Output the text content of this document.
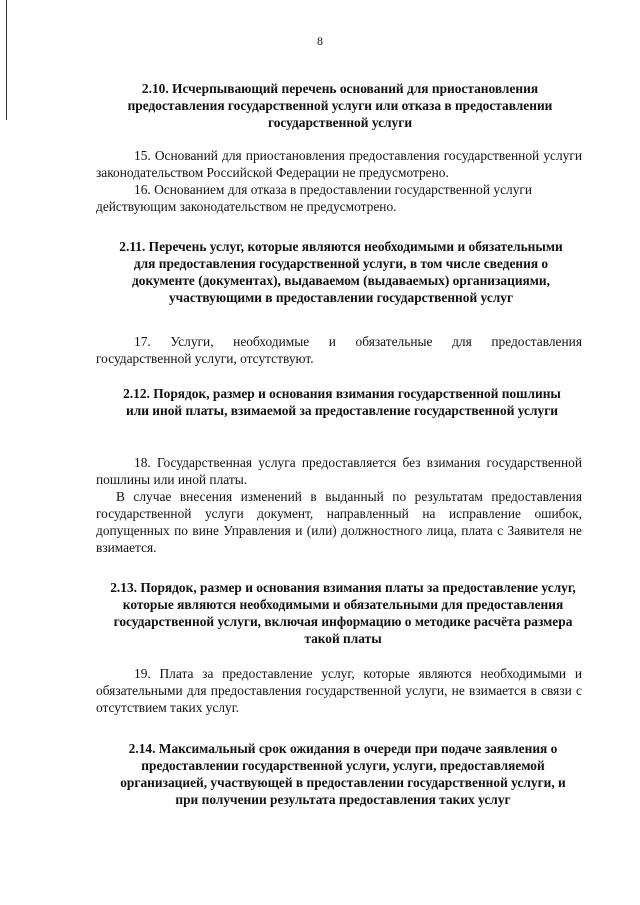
8
2.10. Исчерпывающий перечень оснований для приостановления предоставления государственной услуги или отказа в предоставлении государственной услуги
15. Оснований для приостановления предоставления государственной услуги законодательством Российской Федерации не предусмотрено.
16. Основанием для отказа в предоставлении государственной услуги действующим законодательством не предусмотрено.
2.11. Перечень услуг, которые являются необходимыми и обязательными для предоставления государственной услуги, в том числе сведения о документе (документах), выдаваемом (выдаваемых) организациями, участвующими в предоставлении государственной услуг
17. Услуги, необходимые и обязательные для предоставления государственной услуги, отсутствуют.
2.12. Порядок, размер и основания взимания государственной пошлины или иной платы, взимаемой за предоставление государственной услуги
18. Государственная услуга предоставляется без взимания государственной пошлины или иной платы.
В случае внесения изменений в выданный по результатам предоставления государственной услуги документ, направленный на исправление ошибок, допущенных по вине Управления и (или) должностного лица, плата с Заявителя не взимается.
2.13. Порядок, размер и основания взимания платы за предоставление услуг, которые являются необходимыми и обязательными для предоставления государственной услуги, включая информацию о методике расчёта размера такой платы
19. Плата за предоставление услуг, которые являются необходимыми и обязательными для предоставления государственной услуги, не взимается в связи с отсутствием таких услуг.
2.14. Максимальный срок ожидания в очереди при подаче заявления о предоставлении государственной услуги, услуги, предоставляемой организацией, участвующей в предоставлении государственной услуги, и при получении результата предоставления таких услуг
